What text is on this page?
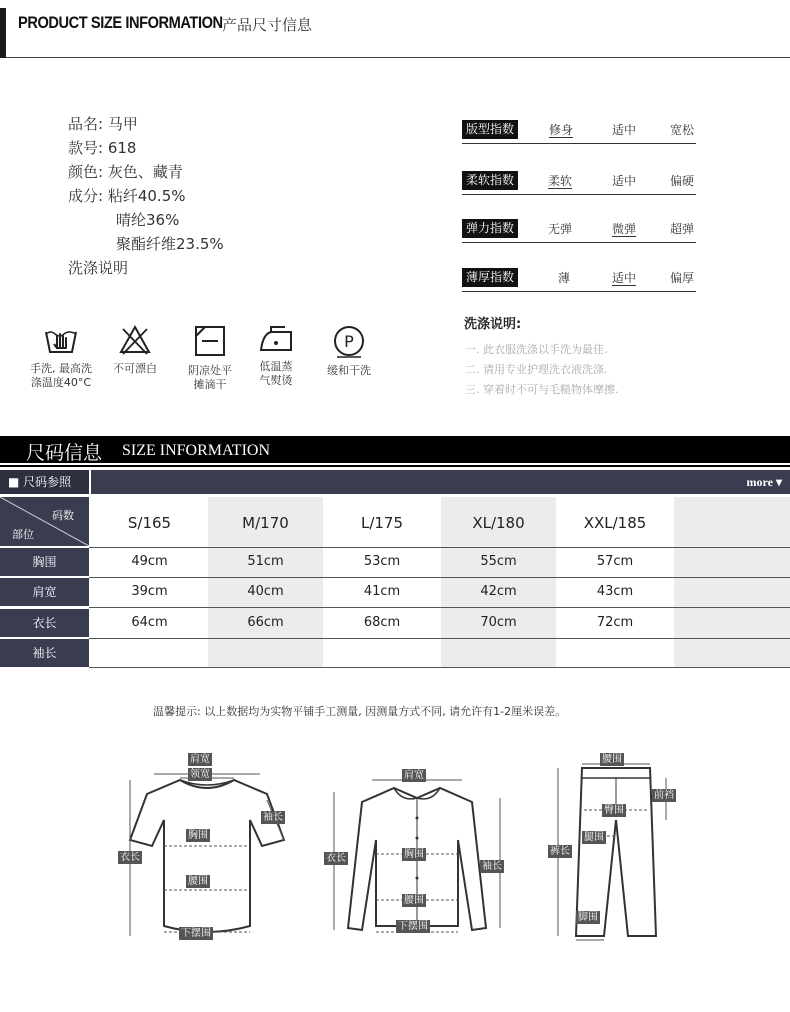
PRODUCT SIZE INFORMATION 产品尺寸信息
品名: 马甲
款号: 618
颜色: 灰色、藏青
成分: 粘纤40.5%
晴纶36%
聚酯纤维23.5%
洗涤说明
版型指数	修身	适中	宽松
柔软指数	柔软	适中	偏硬
弹力指数	无弹	微弹	超弹
薄厚指数	薄	适中	偏厚
洗涤说明:
一. 此衣服洗涤以手洗为最佳.
二. 请用专业护理洗衣液洗涤.
三. 穿着时不可与毛糙物体摩擦.
手洗, 最高洗
涤温度40°C
不可漂白	阴凉处平
摊滴干
低温蒸
气熨烫
P
缓和干洗
尺码信息 SIZE INFORMATION
■ 尺码参照	more ▾
码数
部位
S/165	M/170	L/175	XL/180	XXL/185
胸围	49cm	51cm	53cm	55cm	57cm
肩宽	39cm	40cm	41cm	42cm	43cm
衣长	64cm	66cm	68cm	70cm	72cm
袖长
温馨提示: 以上数据均为实物平铺手工测量, 因测量方式不同, 请允许有1-2厘米误差。
肩宽
领宽
袖长
衣长
胸围
腰围
下摆围
肩宽
衣长	胸围
袖长
腰围
下摆围
腰围
前裆
臀围
腿围
裤长
脚围
